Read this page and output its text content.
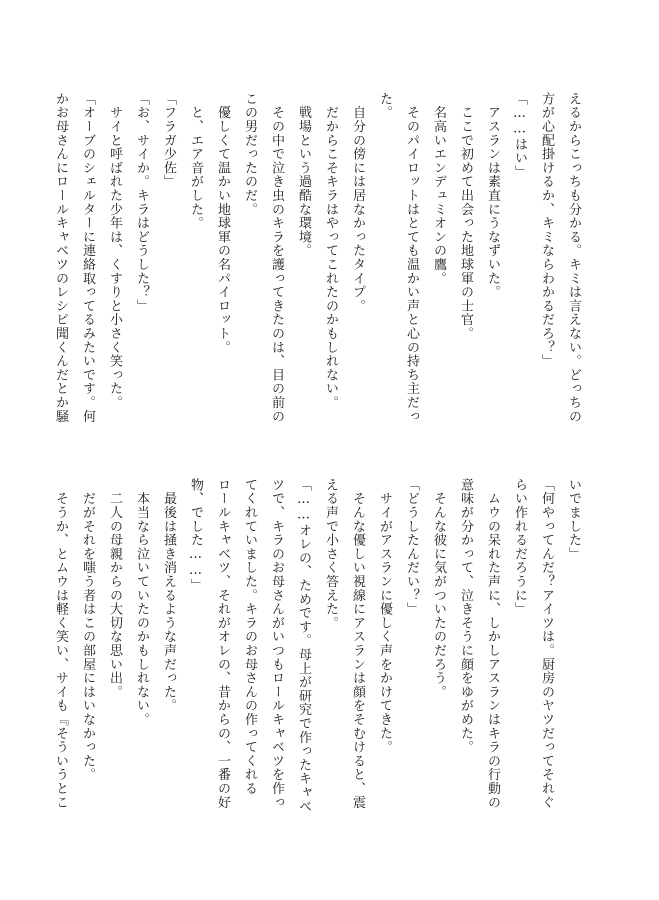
えるからこっちも分かる。キミは言えない。どっちの
方が心配掛けるか、キミならわかるだろ？」
「……はい」
　アスランは素直にうなずいた。
　ここで初めて出会った地球軍の士官。
　名高いエンデュミオンの鷹。
　そのパイロットはとても温かい声と心の持ち主だっ
た。
　自分の傍には居なかったタイプ。
　だからこそキラはやってこれたのかもしれない。
　戦場という過酷な環境。
　その中で泣き虫のキラを護ってきたのは、目の前の
この男だったのだ。
　優しくて温かい地球軍の名パイロット。
　と、エア音がした。
「フラガ少佐」
「お、サイか。キラはどうした？」
　サイと呼ばれた少年は、くすりと小さく笑った。
「オーブのシェルターに連絡取ってるみたいです。何
かお母さんにロールキャベツのレシピ聞くんだとか騒
いでました」
「何やってんだ？アイツは。厨房のヤツだってそれぐ
らい作れるだろうに」
　ムウの呆れた声に、しかしアスランはキラの行動の
意味が分かって、泣きそうに顔をゆがめた。
　そんな彼に気がついたのだろう。
「どうしたんだい？」
　サイがアスランに優しく声をかけてきた。
　そんな優しい視線にアスランは顔をそむけると、震
える声で小さく答えた。
「……オレの、ためです。母上が研究で作ったキャベ
ツで、キラのお母さんがいつもロールキャベツを作っ
てくれていました。キラのお母さんの作ってくれる
ロールキャベツ、それがオレの、昔からの、一番の好
物、でした……」
　最後は掻き消えるような声だった。
　本当なら泣いていたのかもしれない。
　二人の母親からの大切な思い出。
　だがそれを嗤う者はこの部屋にはいなかった。
　そうか、とムウは軽く笑い、サイも『そういうとこ
